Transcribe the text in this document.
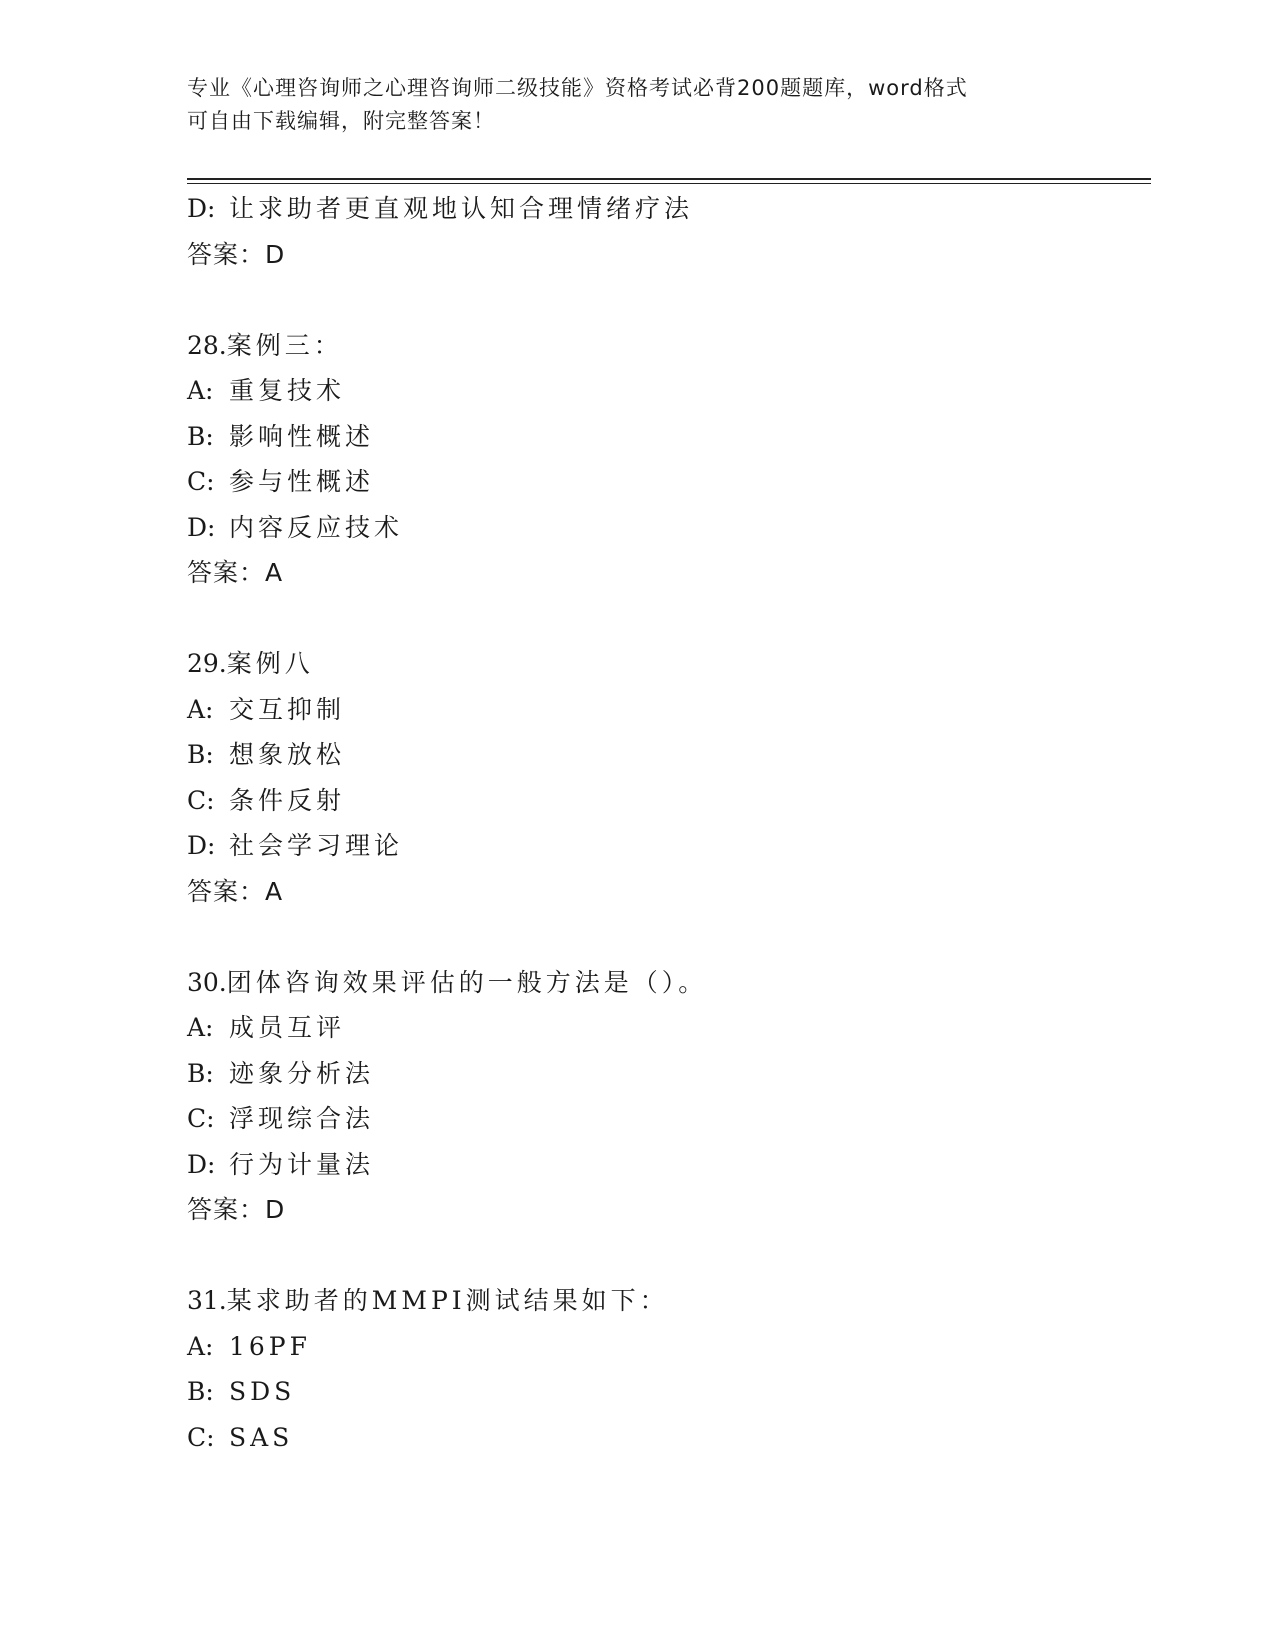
专业《心理咨询师之心理咨询师二级技能》资格考试必背200题题库，word格式
可自由下载编辑，附完整答案！
D: 让求助者更直观地认知合理情绪疗法
答案：D
28.案例三：
A: 重复技术
B: 影响性概述
C: 参与性概述
D: 内容反应技术
答案：A
29.案例八
A: 交互抑制
B: 想象放松
C: 条件反射
D: 社会学习理论
答案：A
30.团体咨询效果评估的一般方法是（）。
A: 成员互评
B: 迹象分析法
C: 浮现综合法
D: 行为计量法
答案：D
31.某求助者的MMPI测试结果如下：
A: 16PF
B: SDS
C: SAS
